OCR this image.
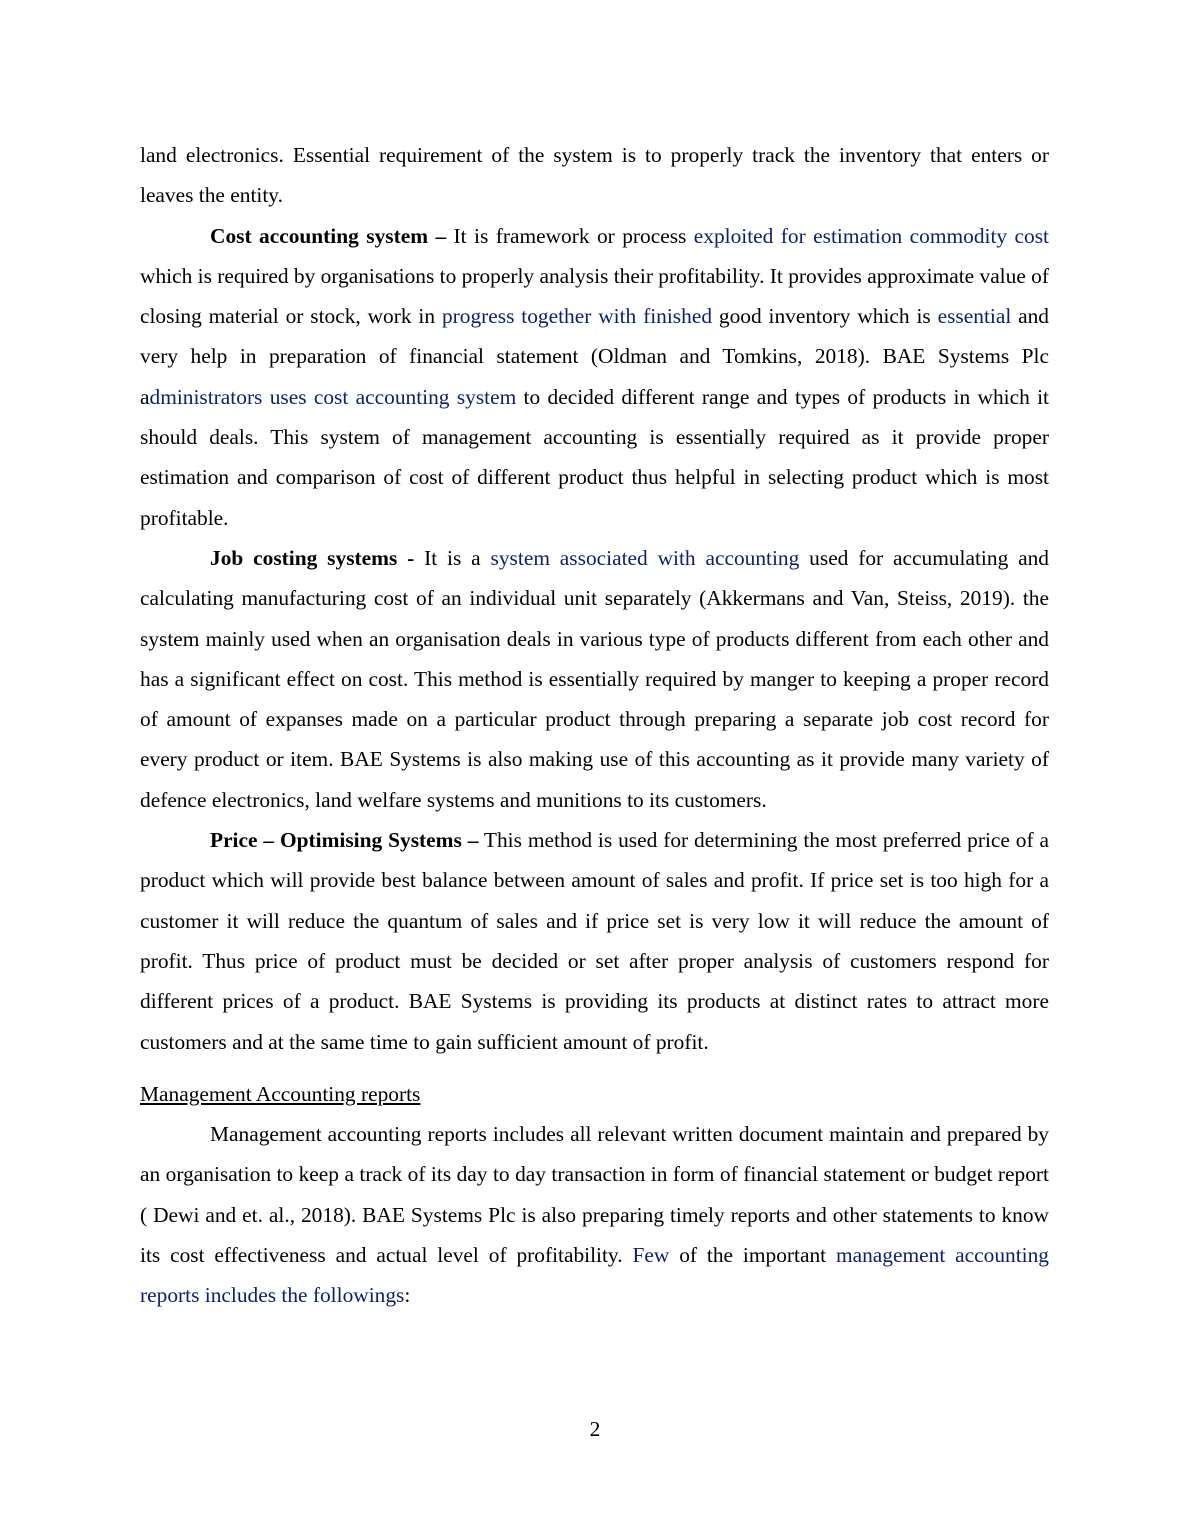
land electronics. Essential requirement of the system is to properly track the inventory that enters or leaves the entity.

Cost accounting system – It is framework or process exploited for estimation commodity cost which is required by organisations to properly analysis their profitability. It provides approximate value of closing material or stock, work in progress together with finished good inventory which is essential and very help in preparation of financial statement (Oldman and Tomkins, 2018). BAE Systems Plc administrators uses cost accounting system to decided different range and types of products in which it should deals. This system of management accounting is essentially required as it provide proper estimation and comparison of cost of different product thus helpful in selecting product which is most profitable.

Job costing systems - It is a system associated with accounting used for accumulating and calculating manufacturing cost of an individual unit separately (Akkermans and Van, Steiss, 2019). the system mainly used when an organisation deals in various type of products different from each other and has a significant effect on cost. This method is essentially required by manger to keeping a proper record of amount of expanses made on a particular product through preparing a separate job cost record for every product or item. BAE Systems is also making use of this accounting as it provide many variety of defence electronics, land welfare systems and munitions to its customers.

Price – Optimising Systems – This method is used for determining the most preferred price of a product which will provide best balance between amount of sales and profit. If price set is too high for a customer it will reduce the quantum of sales and if price set is very low it will reduce the amount of profit. Thus price of product must be decided or set after proper analysis of customers respond for different prices of a product. BAE Systems is providing its products at distinct rates to attract more customers and at the same time to gain sufficient amount of profit.

Management Accounting reports

Management accounting reports includes all relevant written document maintain and prepared by an organisation to keep a track of its day to day transaction in form of financial statement or budget report ( Dewi and et. al., 2018). BAE Systems Plc is also preparing timely reports and other statements to know its cost effectiveness and actual level of profitability. Few of the important management accounting reports includes the followings:

2
